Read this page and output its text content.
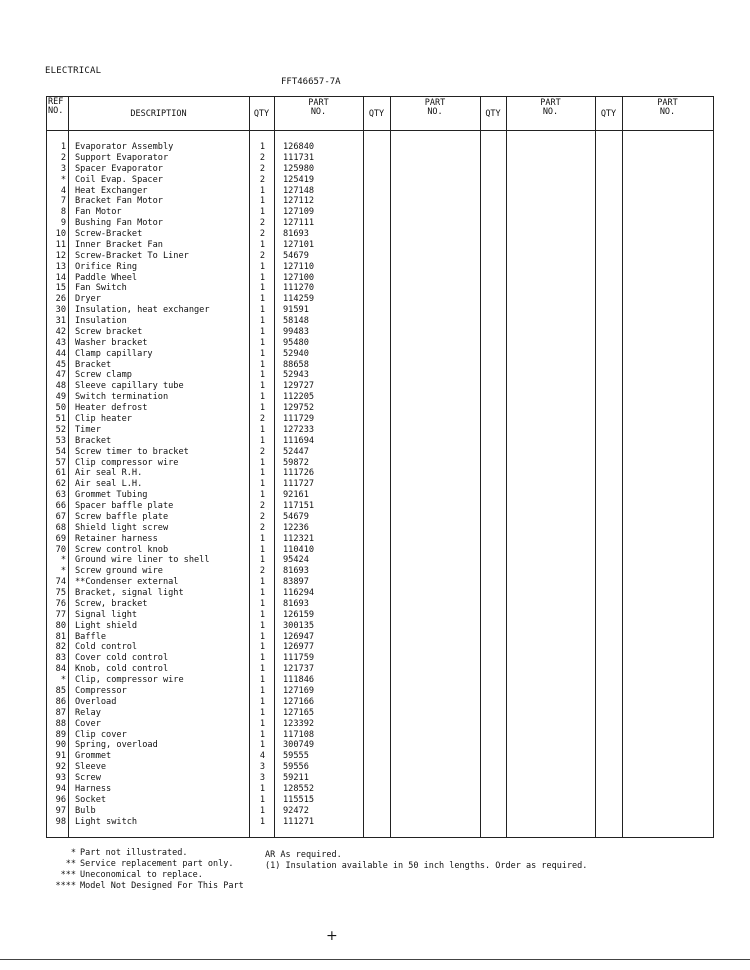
ELECTRICAL
FFT46657-7A
REF
NO.	DESCRIPTION	QTY
PART
NO.	QTY
PART
NO.	QTY
PART
NO.	QTY
PART
NO.
1 Evaporator Assembly	1 126840
2 Support Evaporator	2 111731
3 Spacer Evaporator	2 125980
* Coil Evap. Spacer	2 125419
4 Heat Exchanger	1 127148
7 Bracket Fan Motor	1 127112
8 Fan Motor	1 127109
9 Bushing Fan Motor	2 127111
10 Screw-Bracket	2 81693
11 Inner Bracket Fan	1 127101
12 Screw-Bracket To Liner	2 54679
13 Orifice Ring	1 127110
14 Paddle Wheel	1 127100
15 Fan Switch	1 111270
26 Dryer	1 114259
30 Insulation, heat exchanger	1 91591
31 Insulation	1 58148
42 Screw bracket	1 99483
43 Washer bracket	1 95480
44 Clamp capillary	1 52940
45 Bracket	1 88658
47 Screw clamp	1 52943
48 Sleeve capillary tube	1 129727
49 Switch termination	1 112205
50 Heater defrost	1 129752
51 Clip heater	2 111729
52 Timer	1 127233
53 Bracket	1 111694
54 Screw timer to bracket	2 52447
57 Clip compressor wire	1 59872
61 Air seal R.H.	1 111726
62 Air seal L.H.	1 111727
63 Grommet Tubing	1 92161
66 Spacer baffle plate	2 117151
67 Screw baffle plate	2 54679
68 Shield light screw	2 12236
69 Retainer harness	1 112321
70 Screw control knob	1 110410
* Ground wire liner to shell	1 95424
* Screw ground wire	2 81693
74 **Condenser external	1 83897
75 Bracket, signal light	1 116294
76 Screw, bracket	1 81693
77 Signal light	1 126159
80 Light shield	1 300135
81 Baffle	1 126947
82 Cold control	1 126977
83 Cover cold control	1 111759
84 Knob, cold control	1 121737
* Clip, compressor wire	1 111846
85 Compressor	1 127169
86 Overload	1 127166
87 Relay	1 127165
88 Cover	1 123392
89 Clip cover	1 117108
90 Spring, overload	1 300749
91 Grommet	4 59555
92 Sleeve	3 59556
93 Screw	3 59211
94 Harness	1 128552
96 Socket	1 115515
97 Bulb	1 92472
98 Light switch	1 111271
* Part not illustrated.
** Service replacement part only.
*** Uneconomical to replace.
**** Model Not Designed For This Part
AR As required.
(1) Insulation available in 50 inch lengths. Order as required.
+
